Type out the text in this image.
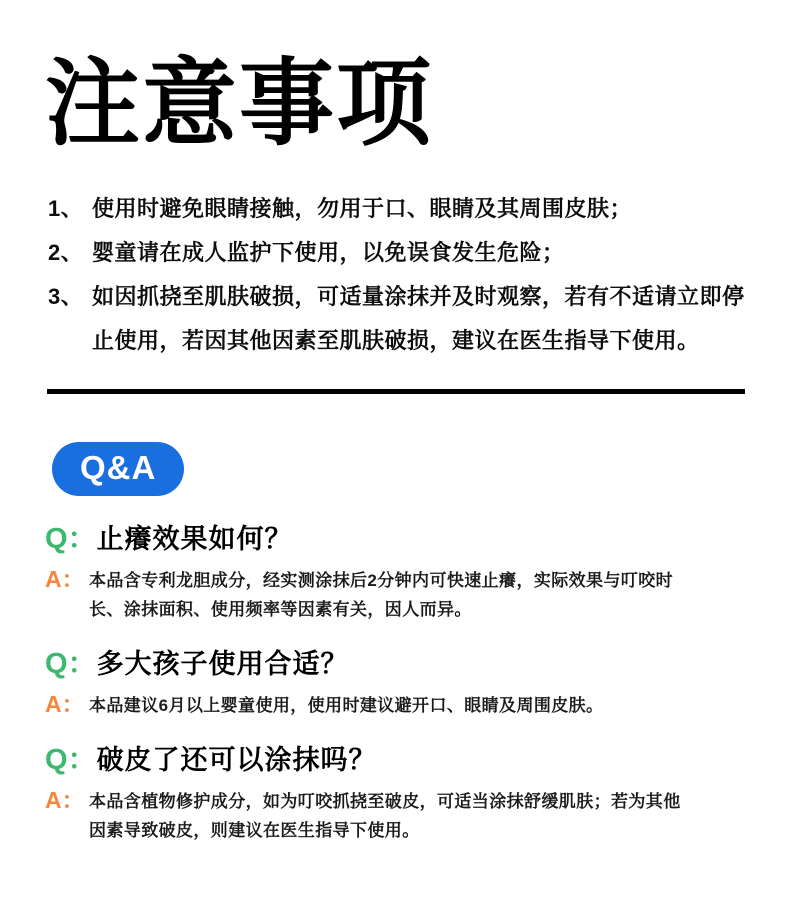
注意事项
1、 使用时避免眼睛接触，勿用于口、眼睛及其周围皮肤；
2、 婴童请在成人监护下使用，以免误食发生危险；
3、 如因抓挠至肌肤破损，可适量涂抹并及时观察，若有不适请立即停止使用，若因其他因素至肌肤破损，建议在医生指导下使用。
Q&A
Q： 止癢效果如何？
A： 本品含专利龙胆成分，经实测涂抹后2分钟内可快速止癢，实际效果与叮咬时长、涂抹面积、使用频率等因素有关，因人而异。
Q： 多大孩子使用合适？
A： 本品建议6月以上婴童使用，使用时建议避开口、眼睛及周围皮肤。
Q： 破皮了还可以涂抹吗？
A： 本品含植物修护成分，如为叮咬抓挠至破皮，可适当涂抹舒缓肌肤；若为其他因素导致破皮，则建议在医生指导下使用。
